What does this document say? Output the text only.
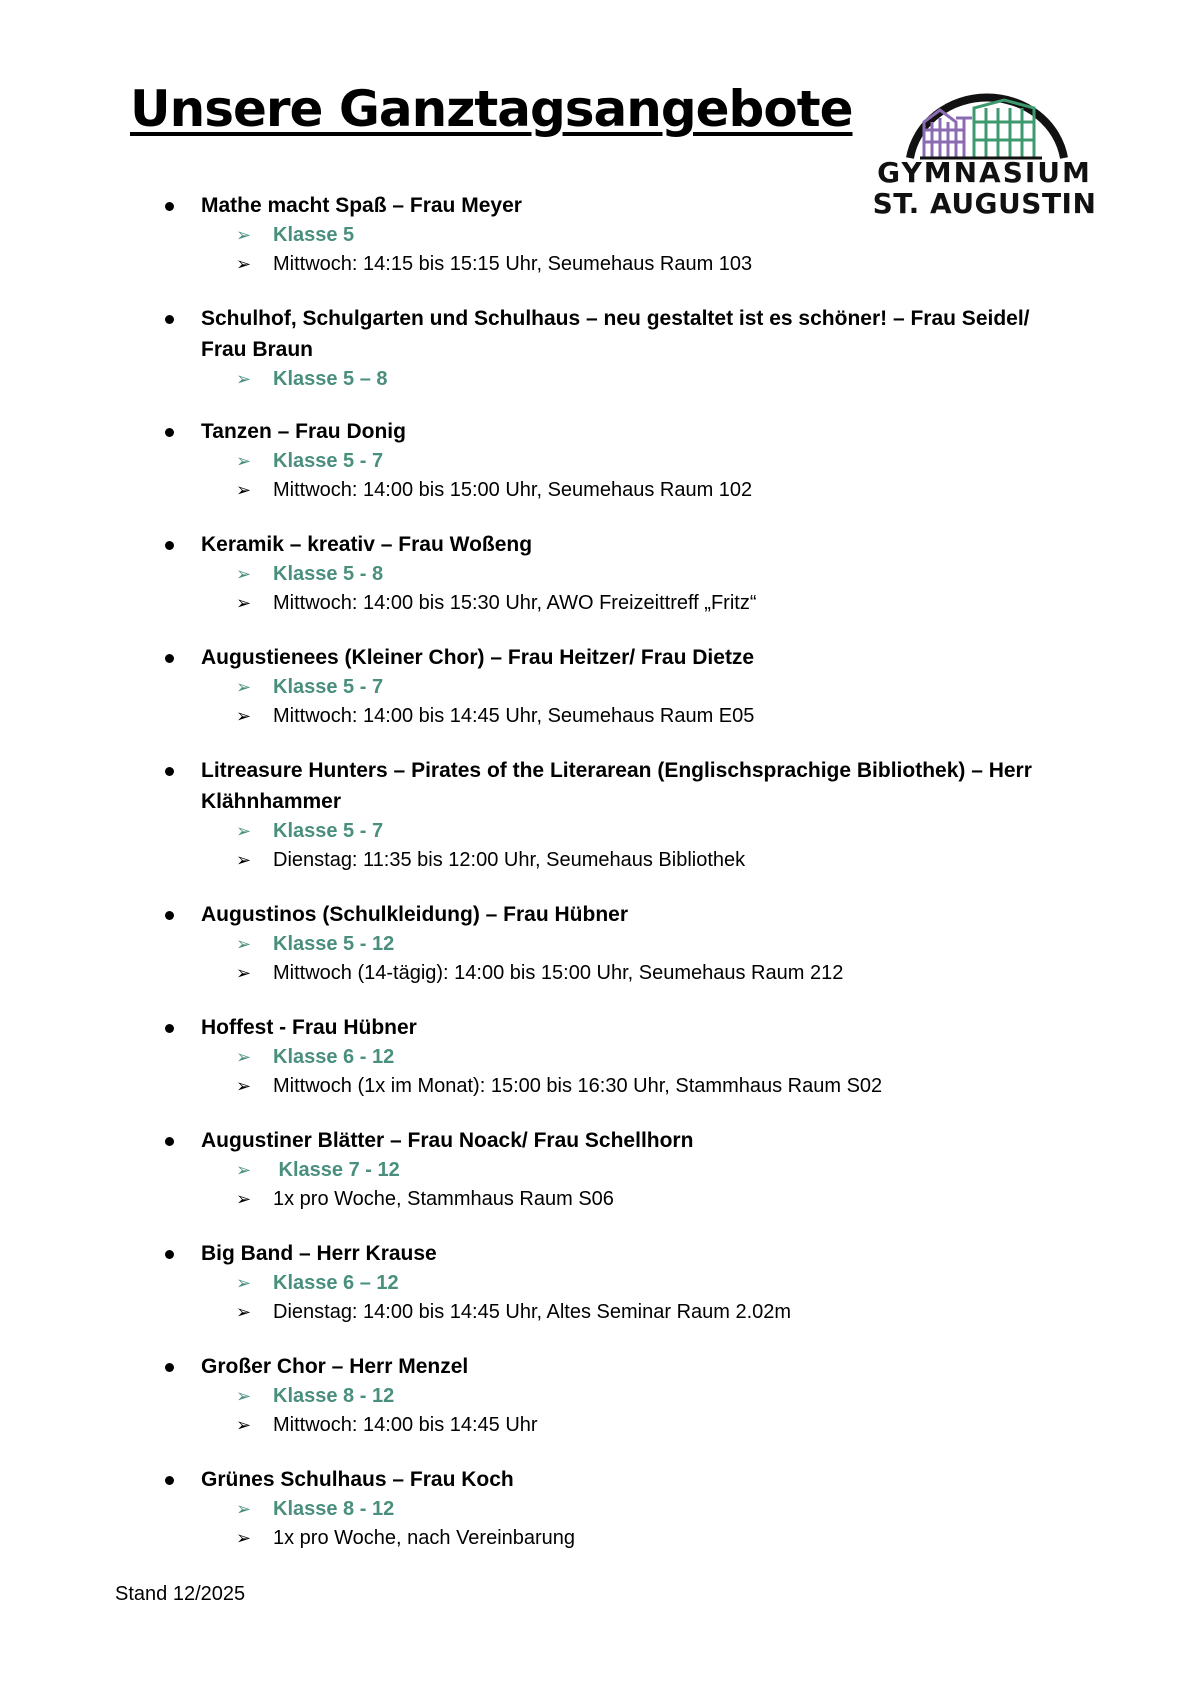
Unsere Ganztagsangebote
GYMNASIUM
ST. AUGUSTIN

Mathe macht Spaß – Frau Meyer

➢ Klasse 5
➢ Mittwoch: 14:15 bis 15:15 Uhr, Seumehaus Raum 103

Schulhof, Schulgarten und Schulhaus – neu gestaltet ist es schöner! – Frau Seidel/ Frau Braun

➢ Klasse 5 – 8

Tanzen – Frau Donig

➢ Klasse 5 - 7
➢ Mittwoch: 14:00 bis 15:00 Uhr, Seumehaus Raum 102

Keramik – kreativ – Frau Woßeng

➢ Klasse 5 - 8
➢ Mittwoch: 14:00 bis 15:30 Uhr, AWO Freizeittreff „Fritz“

Augustienees (Kleiner Chor) – Frau Heitzer/ Frau Dietze

➢ Klasse 5 - 7
➢ Mittwoch: 14:00 bis 14:45 Uhr, Seumehaus Raum E05

Litreasure Hunters – Pirates of the Literarean (Englischsprachige Bibliothek) – Herr Klähnhammer

➢ Klasse 5 - 7
➢ Dienstag: 11:35 bis 12:00 Uhr, Seumehaus Bibliothek

Augustinos (Schulkleidung) – Frau Hübner

➢ Klasse 5 - 12
➢ Mittwoch (14-tägig): 14:00 bis 15:00 Uhr, Seumehaus Raum 212

Hoffest - Frau Hübner

➢ Klasse 6 - 12
➢ Mittwoch (1x im Monat): 15:00 bis 16:30 Uhr, Stammhaus Raum S02

Augustiner Blätter – Frau Noack/ Frau Schellhorn

➢ Klasse 7 - 12
➢ 1x pro Woche, Stammhaus Raum S06

Big Band – Herr Krause

➢ Klasse 6 – 12
➢ Dienstag: 14:00 bis 14:45 Uhr, Altes Seminar Raum 2.02m

Großer Chor – Herr Menzel

➢ Klasse 8 - 12
➢ Mittwoch: 14:00 bis 14:45 Uhr

Grünes Schulhaus – Frau Koch

➢ Klasse 8 - 12
➢ 1x pro Woche, nach Vereinbarung
Stand 12/2025
